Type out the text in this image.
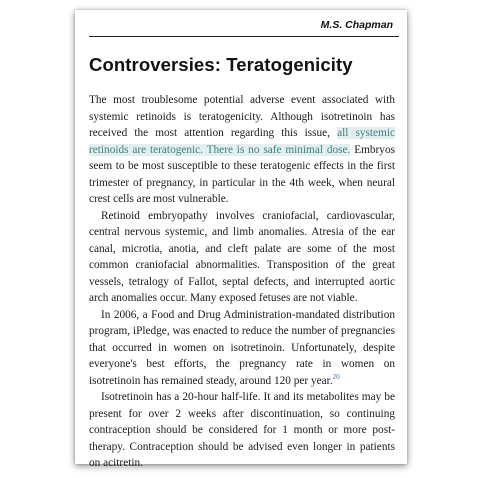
M.S. Chapman
Controversies: Teratogenicity

The most troublesome potential adverse event associated with systemic retinoids is teratogenicity. Although isotretinoin has received the most attention regarding this issue, all systemic retinoids are teratogenic. There is no safe minimal dose. Embryos seem to be most susceptible to these teratogenic effects in the first trimester of pregnancy, in particular in the 4th week, when neural crest cells are most vulnerable.

Retinoid embryopathy involves craniofacial, cardiovascular, central nervous systemic, and limb anomalies. Atresia of the ear canal, microtia, anotia, and cleft palate are some of the most common craniofacial abnormalities. Transposition of the great vessels, tetralogy of Fallot, septal defects, and interrupted aortic arch anomalies occur. Many exposed fetuses are not viable.

In 2006, a Food and Drug Administration-mandated distribution program, iPledge, was enacted to reduce the number of pregnancies that occurred in women on isotretinoin. Unfortunately, despite everyone's best efforts, the pregnancy rate in women on isotretinoin has remained steady, around 120 per year.$^{20}$

Isotretinoin has a 20-hour half-life. It and its metabolites may be present for over 2 weeks after discontinuation, so continuing contraception should be considered for 1 month or more post-therapy. Contraception should be advised even longer in patients on acitretin.
